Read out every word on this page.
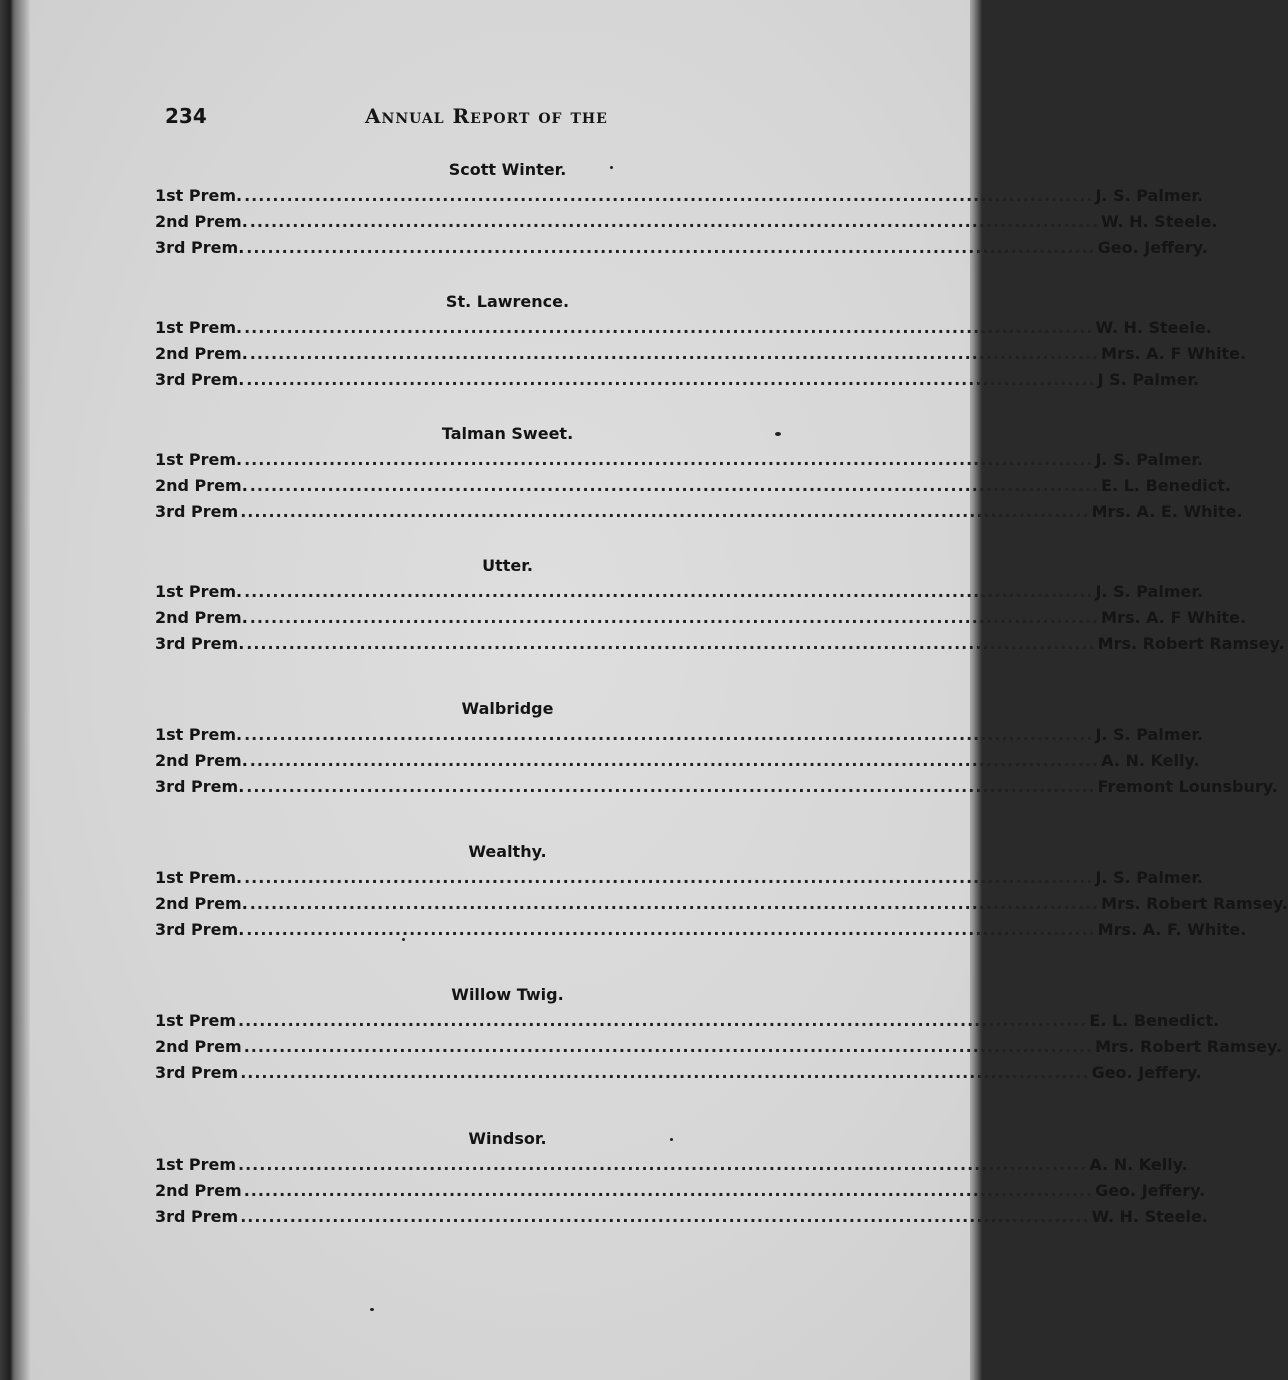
234	Annual Report of the
Scott Winter.
1st Prem. ........................................................................................................................ J. S. Palmer.
2nd Prem. ........................................................................................................................ W. H. Steele.
3rd Prem. ........................................................................................................................ Geo. Jeffery.
St. Lawrence.
1st Prem. ........................................................................................................................ W. H. Steele.
2nd Prem. ........................................................................................................................ Mrs. A. F White.
3rd Prem. ........................................................................................................................ J S. Palmer.
Talman Sweet.
1st Prem. ........................................................................................................................ J. S. Palmer.
2nd Prem. ........................................................................................................................ E. L. Benedict.
3rd Prem ........................................................................................................................ Mrs. A. E. White.
Utter.
1st Prem. ........................................................................................................................ J. S. Palmer.
2nd Prem. ........................................................................................................................ Mrs. A. F White.
3rd Prem. ........................................................................................................................ Mrs. Robert Ramsey.
Walbridge
1st Prem. ........................................................................................................................ J. S. Palmer.
2nd Prem. ........................................................................................................................ A. N. Kelly.
3rd Prem. ........................................................................................................................ Fremont Lounsbury.
Wealthy.
1st Prem. ........................................................................................................................ J. S. Palmer.
2nd Prem. ........................................................................................................................ Mrs. Robert Ramsey.
3rd Prem. ........................................................................................................................ Mrs. A. F. White.
Willow Twig.
1st Prem ........................................................................................................................ E. L. Benedict.
2nd Prem ........................................................................................................................ Mrs. Robert Ramsey.
3rd Prem ........................................................................................................................ Geo. Jeffery.
Windsor.
1st Prem ........................................................................................................................ A. N. Kelly.
2nd Prem ........................................................................................................................ Geo. Jeffery.
3rd Prem ........................................................................................................................ W. H. Steele.
